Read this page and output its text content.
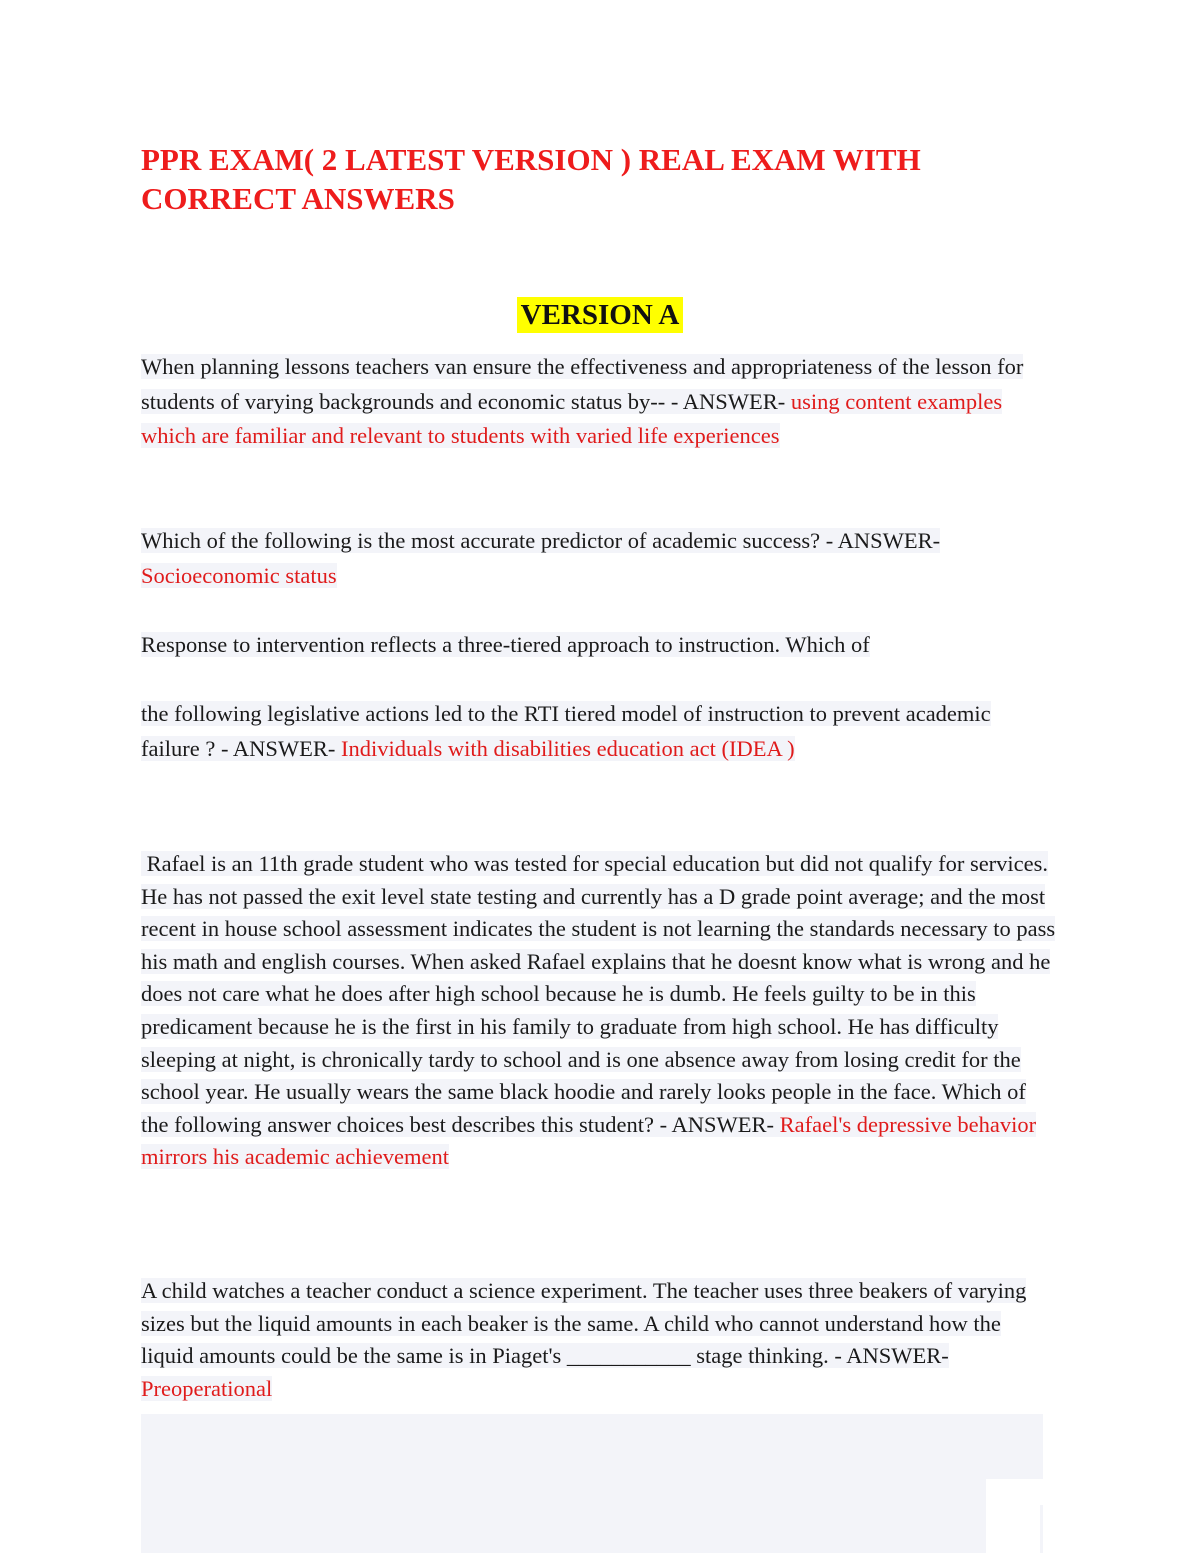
PPR EXAM( 2 LATEST VERSION ) REAL EXAM WITH CORRECT ANSWERS

VERSION A

When planning lessons teachers van ensure the effectiveness and appropriateness of the lesson for students of varying backgrounds and economic status by-- - ANSWER- using content examples which are familiar and relevant to students with varied life experiences

Which of the following is the most accurate predictor of academic success? - ANSWER- Socioeconomic status

Response to intervention reflects a three-tiered approach to instruction. Which of

the following legislative actions led to the RTI tiered model of instruction to prevent academic failure ? - ANSWER- Individuals with disabilities education act (IDEA )

Rafael is an 11th grade student who was tested for special education but did not qualify for services. He has not passed the exit level state testing and currently has a D grade point average; and the most recent in house school assessment indicates the student is not learning the standards necessary to pass his math and english courses. When asked Rafael explains that he doesnt know what is wrong and he does not care what he does after high school because he is dumb. He feels guilty to be in this predicament because he is the first in his family to graduate from high school. He has difficulty sleeping at night, is chronically tardy to school and is one absence away from losing credit for the school year. He usually wears the same black hoodie and rarely looks people in the face. Which of the following answer choices best describes this student? - ANSWER- Rafael's depressive behavior mirrors his academic achievement

A child watches a teacher conduct a science experiment. The teacher uses three beakers of varying sizes but the liquid amounts in each beaker is the same. A child who cannot understand how the liquid amounts could be the same is in Piaget's ___________ stage thinking. - ANSWER- Preoperational
